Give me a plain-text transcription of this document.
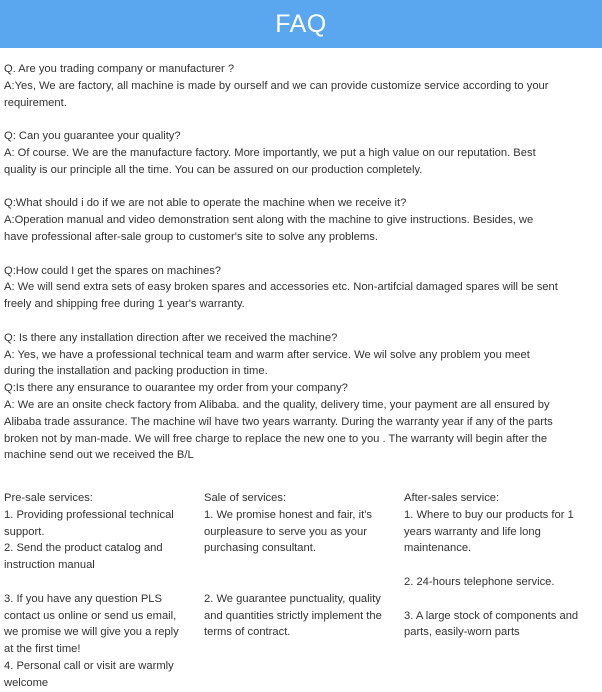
FAQ

Q. Are you trading company or manufacturer ?

A:Yes, We are factory, all machine is made by ourself and we can provide customize service according to your

requirement.

Q: Can you guarantee your quality?

A: Of course. We are the manufacture factory. More importantly, we put a high value on our reputation. Best

quality is our principle all the time. You can be assured on our production completely.

Q:What should i do if we are not able to operate the machine when we receive it?

A:Operation manual and video demonstration sent along with the machine to give instructions. Besides, we

have professional after-sale group to customer's site to solve any problems.

Q:How could I get the spares on machines?

A: We will send extra sets of easy broken spares and accessories etc. Non-artifcial damaged spares will be sent

freely and shipping free during 1 year's warranty.

Q: Is there any installation direction after we received the machine?

A: Yes, we have a professional technical team and warm after service. We wil solve any problem you meet

during the installation and packing production in time.

Q:Is there any ensurance to ouarantee my order from your company?

A: We are an onsite check factory from Alibaba. and the quality, delivery time, your payment are all ensured by

Alibaba trade assurance. The machine wil have two years warranty. During the warranty year if any of the parts

broken not by man-made. We will free charge to replace the new one to you . The warranty will begin after the

machine send out we received the B/L

Pre-sale services:

1. Providing professional technical

support.

2. Send the product catalog and

instruction manual

3. If you have any question PLS

contact us online or send us email,

we promise we will give you a reply

at the first time!

4. Personal call or visit are warmly

welcome

Sale of services:

1. We promise honest and fair, it's

ourpleasure to serve you as your

purchasing consultant.

2. We guarantee punctuality, quality

and quantities strictly implement the

terms of contract.

After-sales service:

1. Where to buy our products for 1

years warranty and life long

maintenance.

2. 24-hours telephone service.

3. A large stock of components and

parts, easily-worn parts
